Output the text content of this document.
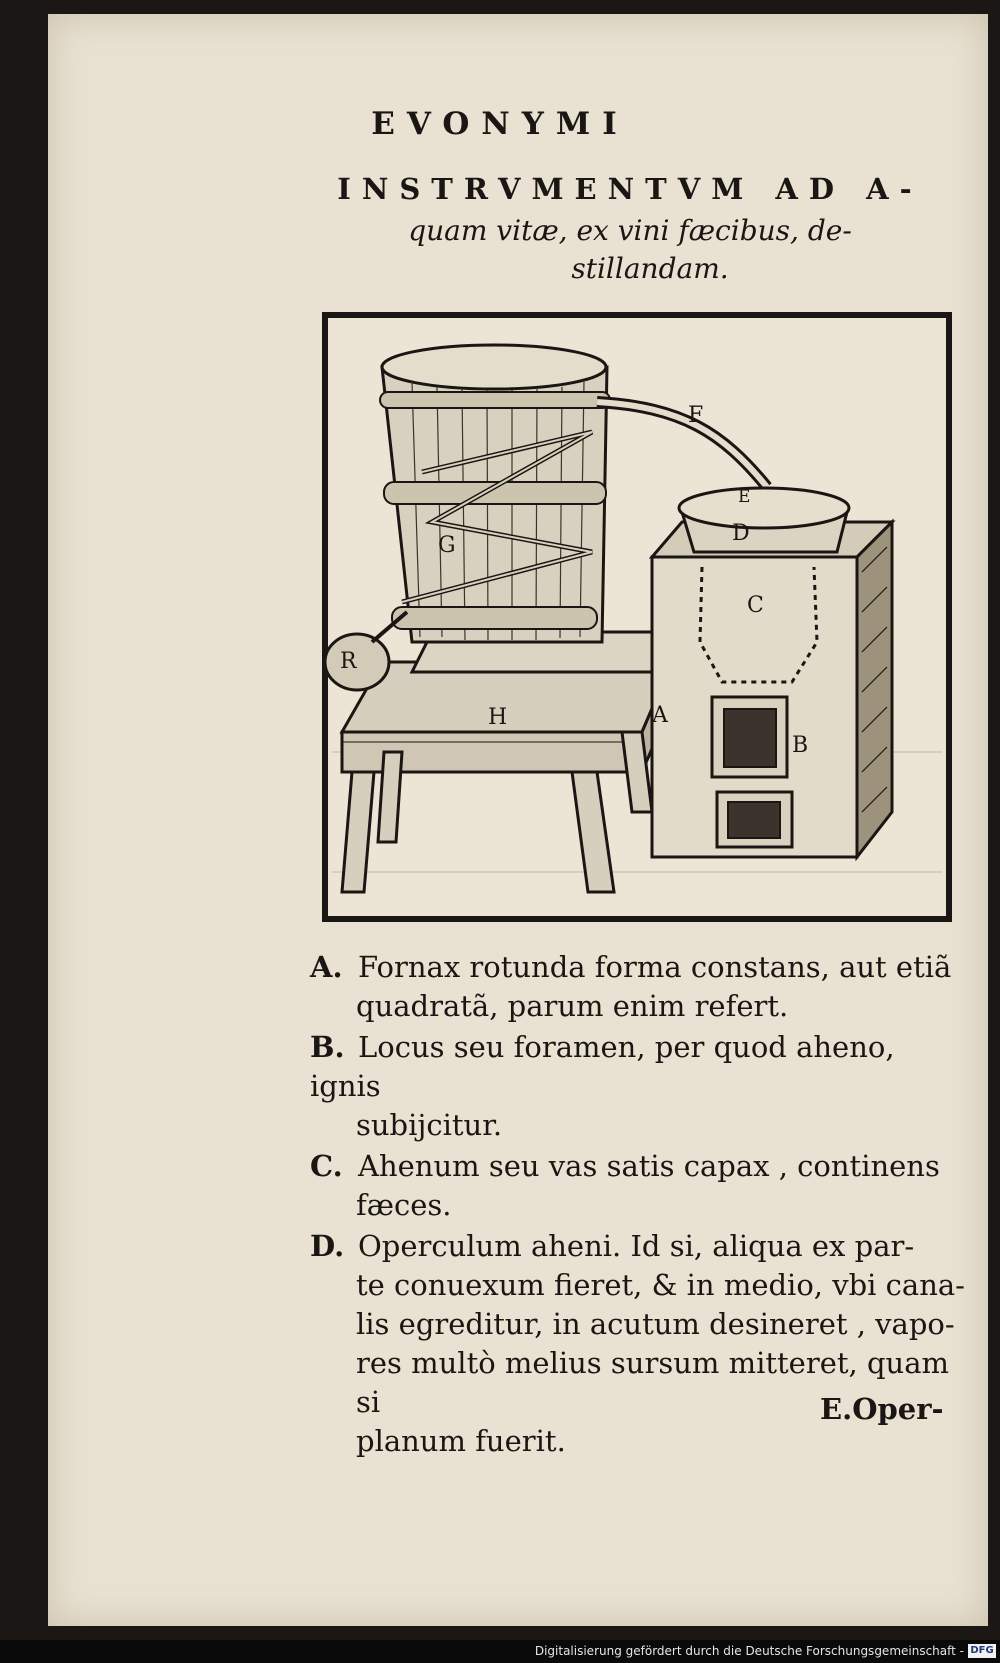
EVONYMI
INSTRVMENTVM AD A-
quam vitæ, ex vini fæcibus, de-
stillandam.
A
B
C
D
E
F
G
H
R
A. Fornax rotunda forma constans, aut etiã
quadratã, parum enim refert.
B. Locus seu foramen, per quod aheno, ignis
subijcitur.
C. Ahenum seu vas satis capax , continens
fæces.
D. Operculum aheni. Id si, aliqua ex par-
te conuexum fieret, & in medio, vbi cana-
lis egreditur, in acutum desineret , vapo-
res multò melius sursum mitteret, quam si
planum fuerit.
E.Oper-
Digitalisierung gefördert durch die Deutsche Forschungsgemeinschaft - DFG
